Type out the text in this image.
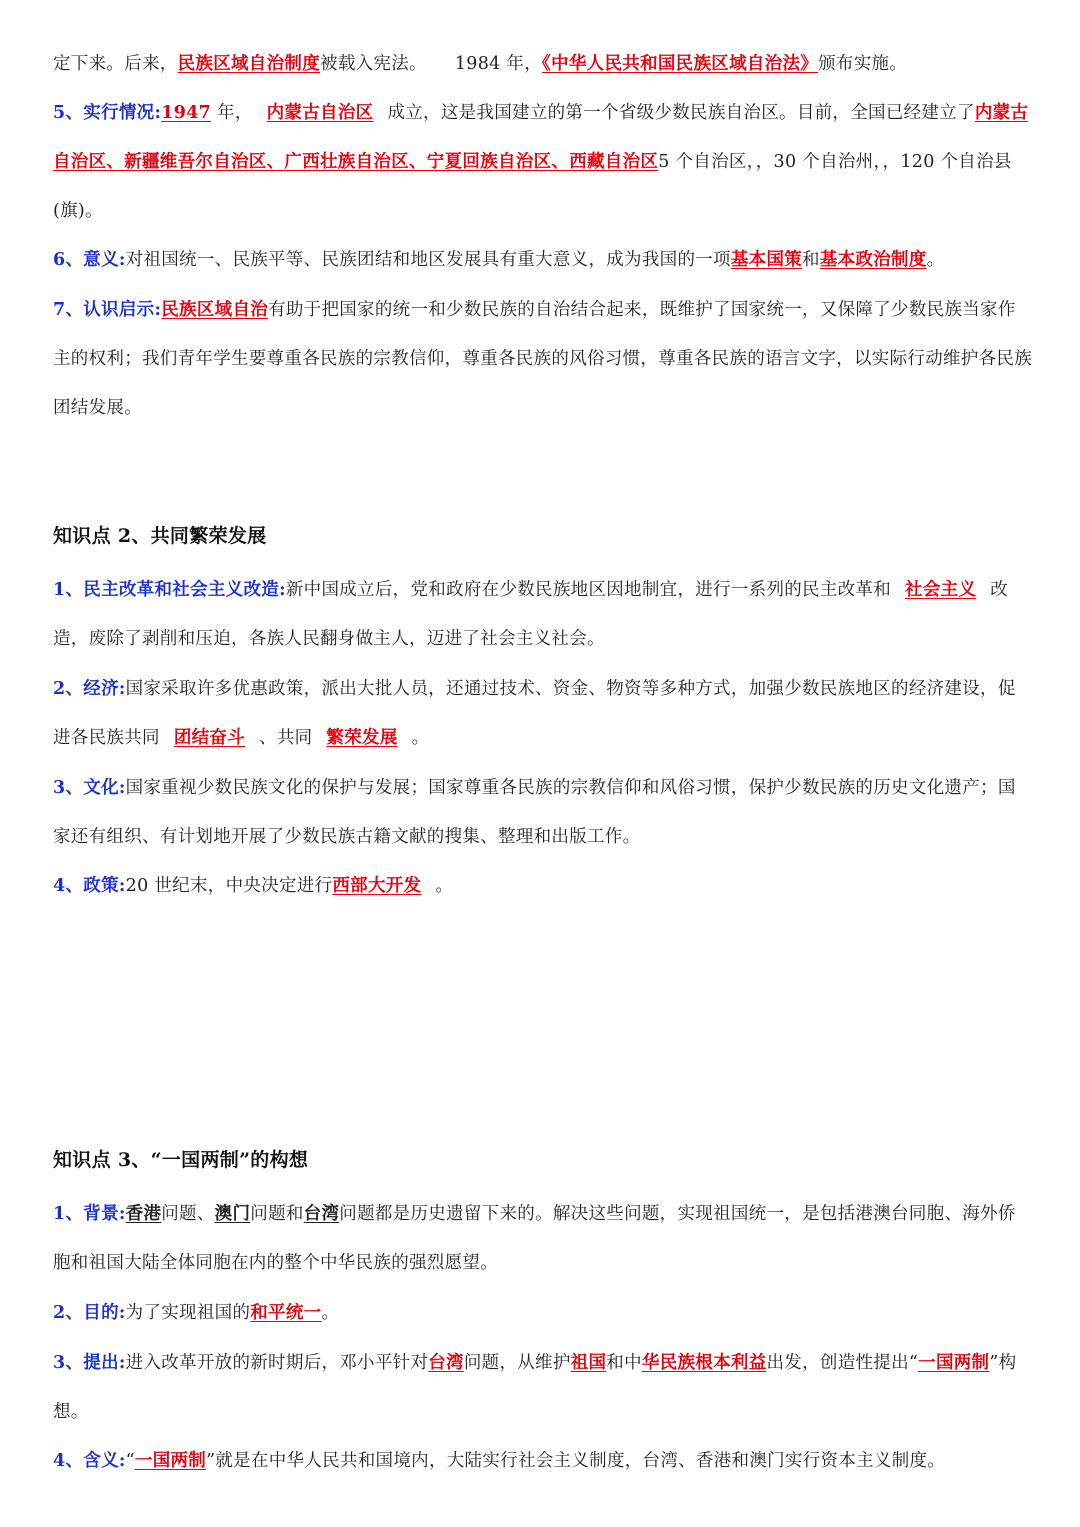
定下来。后来，民族区域自治制度被载入宪法。 1984 年，《中华人民共和国民族区域自治法》颁布实施。

5、实行情况:1947 年， 内蒙古自治区 成立，这是我国建立的第一个省级少数民族自治区。目前，全国已经建立了内蒙古自治区、新疆维吾尔自治区、广西壮族自治区、宁夏回族自治区、西藏自治区5 个自治区，，30 个自治州，，120 个自治县(旗)。

6、意义:对祖国统一、民族平等、民族团结和地区发展具有重大意义，成为我国的一项基本国策和基本政治制度。

7、认识启示:民族区域自治有助于把国家的统一和少数民族的自治结合起来，既维护了国家统一，又保障了少数民族当家作主的权利；我们青年学生要尊重各民族的宗教信仰，尊重各民族的风俗习惯，尊重各民族的语言文字，以实际行动维护各民族团结发展。

知识点 2、共同繁荣发展

1、民主改革和社会主义改造:新中国成立后，党和政府在少数民族地区因地制宜，进行一系列的民主改革和 社会主义 改造，废除了剥削和压迫，各族人民翻身做主人，迈进了社会主义社会。

2、经济:国家采取许多优惠政策，派出大批人员，还通过技术、资金、物资等多种方式，加强少数民族地区的经济建设，促进各民族共同 团结奋斗 、共同 繁荣发展 。

3、文化:国家重视少数民族文化的保护与发展；国家尊重各民族的宗教信仰和风俗习惯，保护少数民族的历史文化遗产；国家还有组织、有计划地开展了少数民族古籍文献的搜集、整理和出版工作。

4、政策:20 世纪末，中央决定进行西部大开发 。

知识点 3、“一国两制”的构想

1、背景:香港问题、澳门问题和台湾问题都是历史遗留下来的。解决这些问题，实现祖国统一，是包括港澳台同胞、海外侨胞和祖国大陆全体同胞在内的整个中华民族的强烈愿望。

2、目的:为了实现祖国的和平统一。

3、提出:进入改革开放的新时期后，邓小平针对台湾问题，从维护祖国和中华民族根本利益出发，创造性提出“一国两制”构想。

4、含义:“一国两制”就是在中华人民共和国境内，大陆实行社会主义制度，台湾、香港和澳门实行资本主义制度。
